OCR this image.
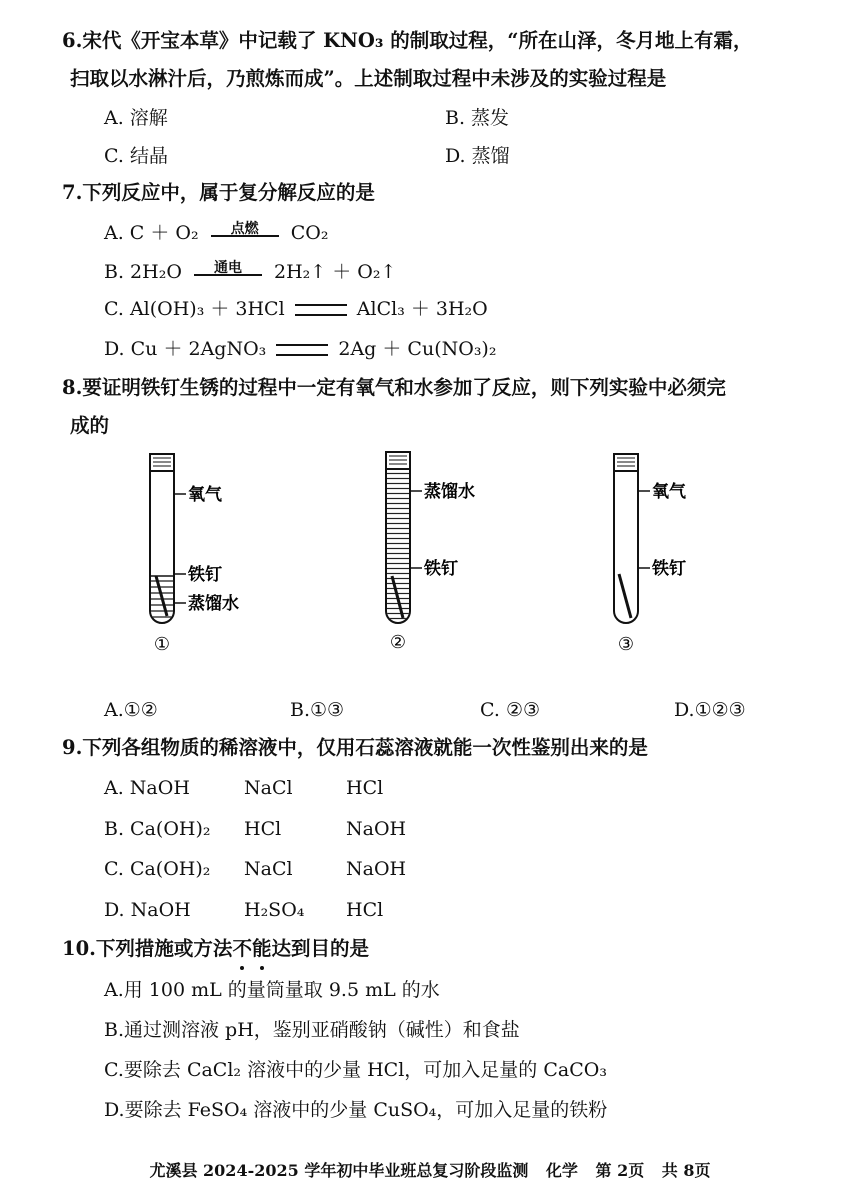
6.宋代《开宝本草》中记载了 KNO₃ 的制取过程，“所在山泽，冬月地上有霜，
扫取以水淋汁后，乃煎炼而成”。上述制取过程中未涉及的实验过程是
A. 溶解	B. 蒸发
C. 结晶	D. 蒸馏
7.下列反应中，属于复分解反应的是
A. C ＋ O₂	点燃	CO₂
B. 2H₂O	通电	2H₂↑ ＋ O₂↑
C. Al(OH)₃ ＋ 3HCl	AlCl₃ ＋ 3H₂O
D. Cu ＋ 2AgNO₃	2Ag ＋ Cu(NO₃)₂
8.要证明铁钉生锈的过程中一定有氧气和水参加了反应，则下列实验中必须完
成的
氧气
铁钉
蒸馏水
①
蒸馏水
铁钉
②
氧气
铁钉
③
A.①②	B.①③	C. ②③	D.①②③
9.下列各组物质的稀溶液中，仅用石蕊溶液就能一次性鉴别出来的是
A. NaOH	NaCl	HCl
B. Ca(OH)₂ HCl	NaOH
C. Ca(OH)₂ NaCl	NaOH
D. NaOH	H₂SO₄ HCl
10.下列措施或方法不能达到目的是
A.用 100 mL 的量筒量取 9.5 mL 的水
B.通过测溶液 pH，鉴别亚硝酸钠（碱性）和食盐
C.要除去 CaCl₂ 溶液中的少量 HCl，可加入足量的 CaCO₃
D.要除去 FeSO₄ 溶液中的少量 CuSO₄，可加入足量的铁粉
尤溪县 2024-2025 学年初中毕业班总复习阶段监测 化学 第 2页 共 8页
